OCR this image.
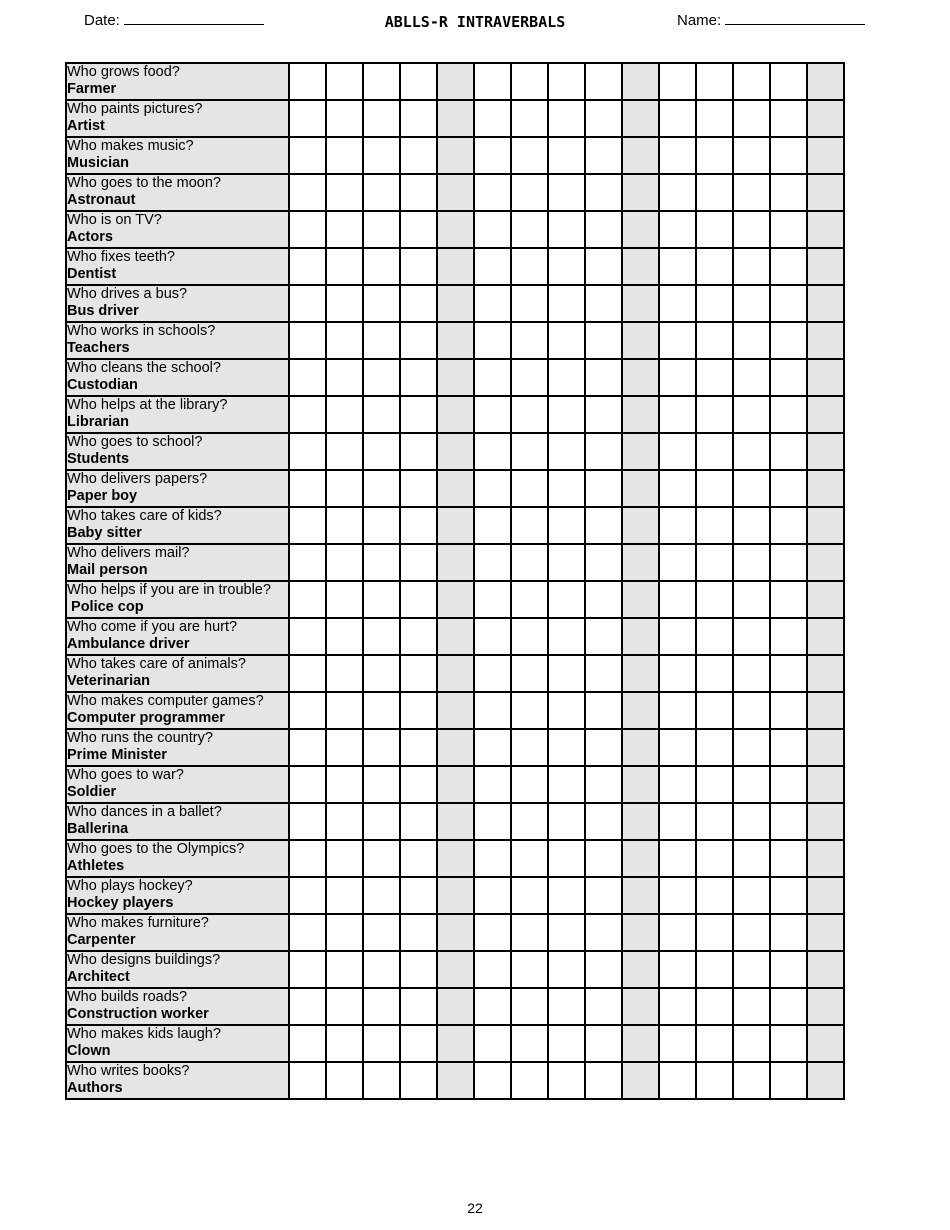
Date:	ABLLS-R INTRAVERBALS	Name:
Who grows food?
Farmer															

Who paints pictures?
Artist															

Who makes music?
Musician															

Who goes to the moon?
Astronaut															

Who is on TV?
Actors															

Who fixes teeth?
Dentist															

Who drives a bus?
Bus driver															

Who works in schools?
Teachers															

Who cleans the school?
Custodian															

Who helps at the library?
Librarian															

Who goes to school?
Students															

Who delivers papers?
Paper boy															

Who takes care of kids?
Baby sitter															

Who delivers mail?
Mail person															

Who helps if you are in trouble?
Police cop															

Who come if you are hurt?
Ambulance driver															

Who takes care of animals?
Veterinarian															

Who makes computer games?
Computer programmer															

Who runs the country?
Prime Minister															

Who goes to war?
Soldier															

Who dances in a ballet?
Ballerina															

Who goes to the Olympics?
Athletes															

Who plays hockey?
Hockey players															

Who makes furniture?
Carpenter															

Who designs buildings?
Architect															

Who builds roads?
Construction worker															

Who makes kids laugh?
Clown															

Who writes books?
Authors															

22
